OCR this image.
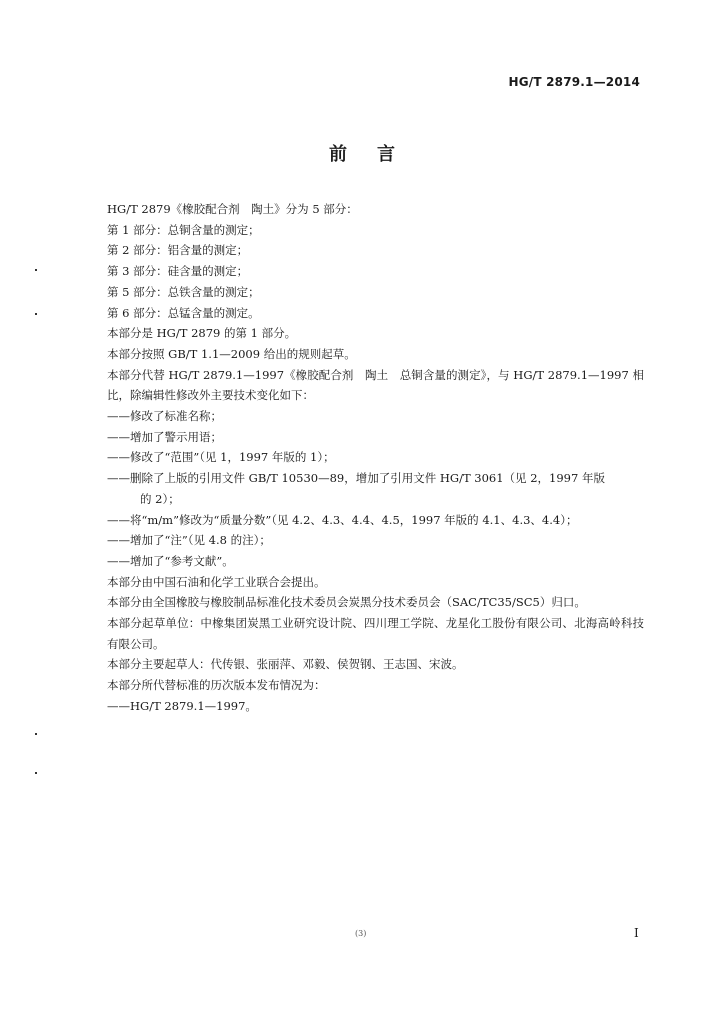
HG/T 2879.1—2014
前 言

HG/T 2879《橡胶配合剂　陶土》分为 5 部分：

第 1 部分：总铜含量的测定；

第 2 部分：铝含量的测定；

第 3 部分：硅含量的测定；

第 5 部分：总铁含量的测定；

第 6 部分：总锰含量的测定。

本部分是 HG/T 2879 的第 1 部分。

本部分按照 GB/T 1.1—2009 给出的规则起草。

本部分代替 HG/T 2879.1—1997《橡胶配合剂　陶土　总铜含量的测定》，与 HG/T 2879.1—1997 相比，除编辑性修改外主要技术变化如下：

——修改了标准名称；

——增加了警示用语；

——修改了“范围”（见 1，1997 年版的 1）；

——删除了上版的引用文件 GB/T 10530—89，增加了引用文件 HG/T 3061（见 2，1997 年版

的 2）；

——将“m/m”修改为“质量分数”（见 4.2、4.3、4.4、4.5，1997 年版的 4.1、4.3、4.4）；

——增加了“注”（见 4.8 的注）；

——增加了“参考文献”。

本部分由中国石油和化学工业联合会提出。

本部分由全国橡胶与橡胶制品标准化技术委员会炭黑分技术委员会（SAC/TC35/SC5）归口。

本部分起草单位：中橡集团炭黑工业研究设计院、四川理工学院、龙星化工股份有限公司、北海高岭科技有限公司。

本部分主要起草人：代传银、张丽萍、邓毅、侯贺钢、王志国、宋波。

本部分所代替标准的历次版本发布情况为：

——HG/T 2879.1—1997。

(3)	I
